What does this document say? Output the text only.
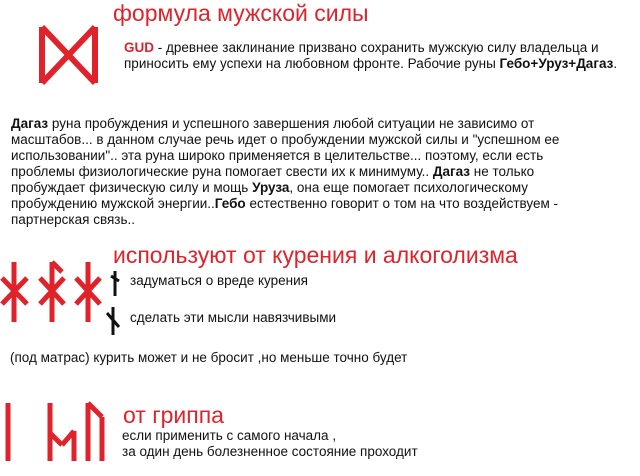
формула мужской силы
GUD - древнее заклинание призвано сохранить мужскую силу владельца и приносить ему успехи на любовном фронте. Рабочие руны Гебо+Уруз+Дагаз.
Дагаз руна пробуждения и успешного завершения любой ситуации не зависимо от масштабов... в данном случае речь идет о пробуждении мужской силы и "успешном ее использовании".. эта руна широко применяется в целительстве... поэтому, если есть проблемы физиологические руна помогает свести их к минимуму.. Дагаз не только пробуждает физическую силу и мощь Уруза, она еще помогает психологическому пробуждению мужской энергии..Гебо естественно говорит о том на что воздействуем - партнерская связь..
используют от курения и алкоголизма
задуматься о вреде курения
сделать эти мысли навязчивыми
(под матрас) курить может и не бросит ,но меньше точно будет
от гриппа
если применить с самого начала ,
за один день болезненное состояние проходит
